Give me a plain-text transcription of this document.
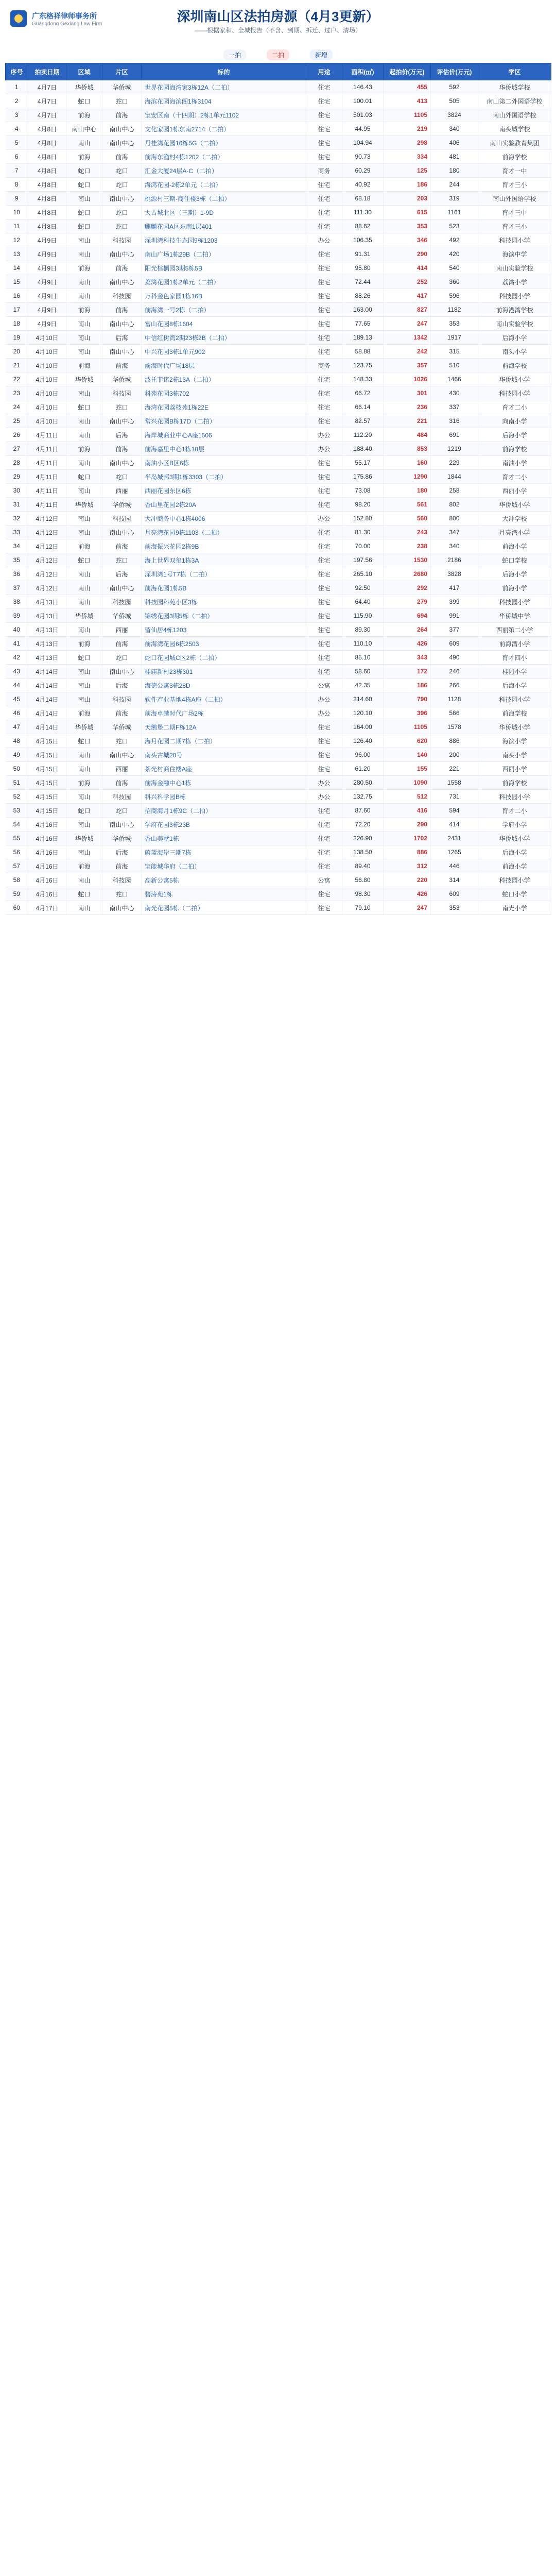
广东格祥律师事务所
Guangdong Gexiang Law Firm	深圳南山区法拍房源（4月3更新）
——根据家和、全城报告（不含、到期、拆迁、过户、清场）
一拍	二拍	新增
序号	拍卖日期	区域	片区	标的	用途	面积(㎡)	起拍价(万元)	评估价(万元)	学区
1	4月7日	华侨城	华侨城	世界花园海湾家3栋12A（二拍）	住宅	146.43	455	592	华侨城学校
2	4月7日	蛇口	蛇口	海滨花园海滨阁1栋3104	住宅	100.01	413	505	南山第二外国语学校
3	4月7日	前海	前海	宝安区南（十四期）2栋1单元1102	住宅	501.03	1105	3824	南山外国语学校
4	4月8日	南山中心	南山中心	文化家园1栋东南2714（二拍）	住宅	44.95	219	340	南头城学校
5	4月8日	南山	南山中心	丹桂湾花园16栋5G（二拍）	住宅	104.94	298	406	南山实验教育集团
6	4月8日	前海	前海	前海东渔村4栋1202（二拍）	住宅	90.73	334	481	前海学校
7	4月8日	蛇口	蛇口	汇金大厦24层A-C（二拍）	商务	60.29	125	180	育才一中
8	4月8日	蛇口	蛇口	海鸿花园-2栋2单元（二拍）	住宅	40.92	186	244	育才三小
9	4月8日	南山	南山中心	桃源村三期-商住楼3栋（二拍）	住宅	68.18	203	319	南山外国语学校
10	4月8日	蛇口	蛇口	太古城北区（三期）1-9D	住宅	111.30	615	1161	育才三中
11	4月8日	蛇口	蛇口	麒麟花园A区东南1层401	住宅	88.62	353	523	育才三小
12	4月9日	南山	科技园	深圳湾科技生态园9栋1203	办公	106.35	346	492	科技园小学
13	4月9日	南山	南山中心	南山广场1栋29B（二拍）	住宅	91.31	290	420	海滨中学
14	4月9日	前海	前海	阳光棕榈园3期5栋5B	住宅	95.80	414	540	南山实验学校
15	4月9日	南山	南山中心	荔湾花园1栋2单元（二拍）	住宅	72.44	252	360	荔湾小学
16	4月9日	南山	科技园	万科金色家园1栋16B	住宅	88.26	417	596	科技园小学
17	4月9日	前海	前海	前海湾一号2栋（二拍）	住宅	163.00	827	1182	前海港湾学校
18	4月9日	南山	南山中心	富山花园8栋1604	住宅	77.65	247	353	南山实验学校
19	4月10日	南山	后海	中信红树湾2期23栋2B（二拍）	住宅	189.13	1342	1917	后海小学
20	4月10日	南山	南山中心	中兴花园3栋1单元902	住宅	58.88	242	315	南头小学
21	4月10日	前海	前海	前海时代广场18层	商务	123.75	357	510	前海学校
22	4月10日	华侨城	华侨城	波托菲诺2栋13A（二拍）	住宅	148.33	1026	1466	华侨城小学
23	4月10日	南山	科技园	科苑花园3栋702	住宅	66.72	301	430	科技园小学
24	4月10日	蛇口	蛇口	海湾花园荔枝苑1栋22E	住宅	66.14	236	337	育才二小
25	4月10日	南山	南山中心	常兴花园B栋17D（二拍）	住宅	82.57	221	316	向南小学
26	4月11日	南山	后海	海岸城商业中心A座1506	办公	112.20	484	691	后海小学
27	4月11日	前海	前海	前海嘉里中心1栋18层	办公	188.40	853	1219	前海学校
28	4月11日	南山	南山中心	南油小区B区6栋	住宅	55.17	160	229	南油小学
29	4月11日	蛇口	蛇口	半岛城邦3期1栋3303（二拍）	住宅	175.86	1290	1844	育才二小
30	4月11日	南山	西丽	西丽花园东区6栋	住宅	73.08	180	258	西丽小学
31	4月11日	华侨城	华侨城	香山里花园2栋20A	住宅	98.20	561	802	华侨城小学
32	4月12日	南山	科技园	大冲商务中心1栋4006	办公	152.80	560	800	大冲学校
33	4月12日	南山	南山中心	月亮湾花园9栋1103（二拍）	住宅	81.30	243	347	月亮湾小学
34	4月12日	前海	前海	前海振兴花园2栋9B	住宅	70.00	238	340	前海小学
35	4月12日	蛇口	蛇口	海上世界双玺1栋3A	住宅	197.56	1530	2186	蛇口学校
36	4月12日	南山	后海	深圳湾1号T7栋（二拍）	住宅	265.10	2680	3828	后海小学
37	4月12日	南山	南山中心	前海花园1栋5B	住宅	92.50	292	417	前海小学
38	4月13日	南山	科技园	科技园科苑小区3栋	住宅	64.40	279	399	科技园小学
39	4月13日	华侨城	华侨城	锦绣花园3期5栋（二拍）	住宅	115.90	694	991	华侨城中学
40	4月13日	南山	西丽	留仙居4栋1203	住宅	89.30	264	377	西丽第二小学
41	4月13日	前海	前海	前海湾花园6栋2503	住宅	110.10	426	609	前海湾小学
42	4月13日	蛇口	蛇口	蛇口花园城C区2栋（二拍）	住宅	85.10	343	490	育才四小
43	4月14日	南山	南山中心	桂庙新村23栋301	住宅	58.60	172	246	桂园小学
44	4月14日	南山	后海	海德公寓3栋28D	公寓	42.35	186	266	后海小学
45	4月14日	南山	科技园	软件产业基地4栋A座（二拍）	办公	214.60	790	1128	科技园小学
46	4月14日	前海	前海	前海卓越时代广场2栋	办公	120.10	396	566	前海学校
47	4月14日	华侨城	华侨城	天鹅堡二期F栋12A	住宅	164.00	1105	1578	华侨城小学
48	4月15日	蛇口	蛇口	海月花园二期7栋（二拍）	住宅	126.40	620	886	海滨小学
49	4月15日	南山	南山中心	南头古城20号	住宅	96.00	140	200	南头小学
50	4月15日	南山	西丽	茶光村商住楼A座	住宅	61.20	155	221	西丽小学
51	4月15日	前海	前海	前海金融中心1栋	办公	280.50	1090	1558	前海学校
52	4月15日	南山	科技园	科兴科学园B栋	办公	132.75	512	731	科技园小学
53	4月15日	蛇口	蛇口	招商海月1栋9C（二拍）	住宅	87.60	416	594	育才二小
54	4月16日	南山	南山中心	学府花园3栋23B	住宅	72.20	290	414	学府小学
55	4月16日	华侨城	华侨城	香山美墅1栋	住宅	226.90	1702	2431	华侨城小学
56	4月16日	南山	后海	蔚蓝海岸三期7栋	住宅	138.50	886	1265	后海小学
57	4月16日	前海	前海	宝能城华府（二拍）	住宅	89.40	312	446	前海小学
58	4月16日	南山	科技园	高新公寓5栋	公寓	56.80	220	314	科技园小学
59	4月16日	蛇口	蛇口	碧涛苑1栋	住宅	98.30	426	609	蛇口小学
60	4月17日	南山	南山中心	南光花园5栋（二拍）	住宅	79.10	247	353	南光小学
